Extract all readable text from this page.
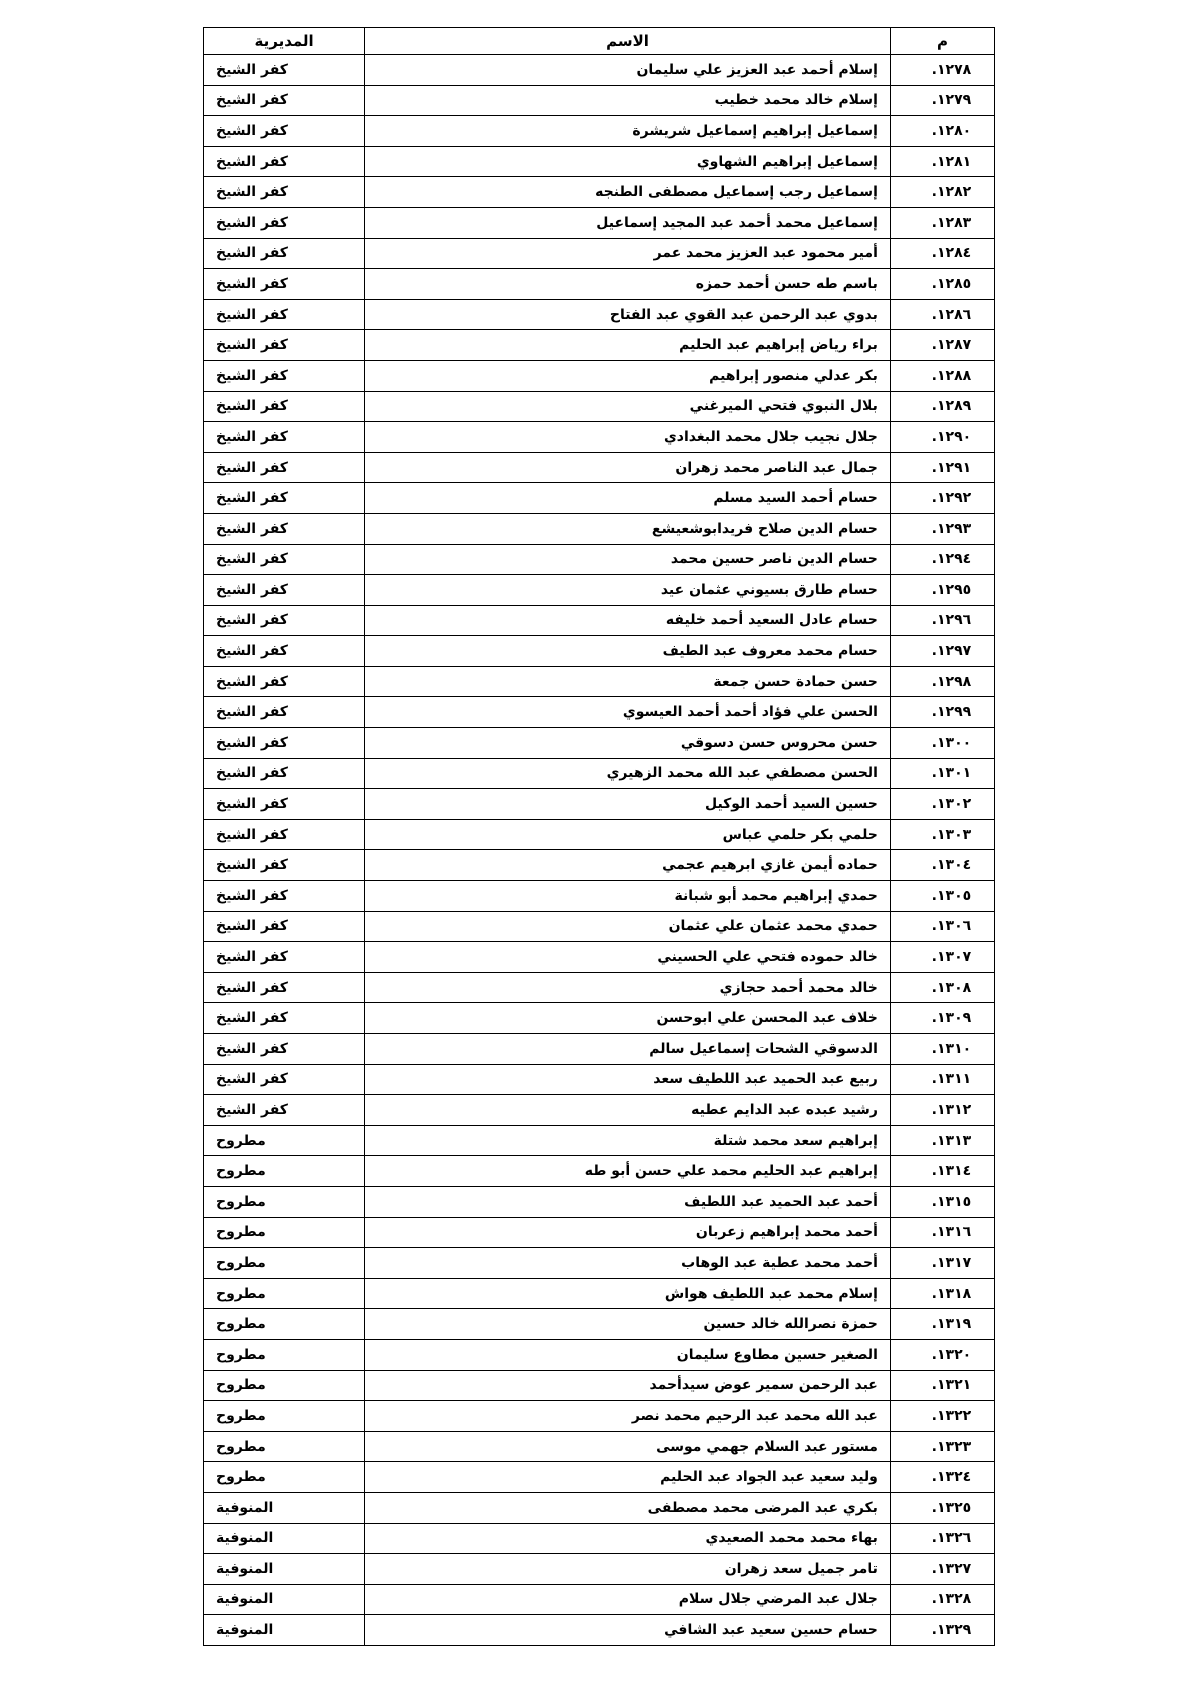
م	الاسم	المديرية
١٢٧٨.	إسلام أحمد عبد العزيز علي سليمان	كفر الشيخ
١٢٧٩.	إسلام خالد محمد خطيب	كفر الشيخ
١٢٨٠.	إسماعيل إبراهيم إسماعيل شريشرة	كفر الشيخ
١٢٨١.	إسماعيل إبراهيم الشهاوي	كفر الشيخ
١٢٨٢.	إسماعيل رجب إسماعيل مصطفى الطنجه	كفر الشيخ
١٢٨٣.	إسماعيل محمد أحمد عبد المجيد إسماعيل	كفر الشيخ
١٢٨٤.	أمير محمود عبد العزيز محمد عمر	كفر الشيخ
١٢٨٥.	باسم طه حسن أحمد حمزه	كفر الشيخ
١٢٨٦.	بدوي عبد الرحمن عبد القوي عبد الفتاح	كفر الشيخ
١٢٨٧.	براء رياض إبراهيم عبد الحليم	كفر الشيخ
١٢٨٨.	بكر عدلي منصور إبراهيم	كفر الشيخ
١٢٨٩.	بلال النبوي فتحي الميرغني	كفر الشيخ
١٢٩٠.	جلال نجيب جلال محمد البغدادي	كفر الشيخ
١٢٩١.	جمال عبد الناصر محمد زهران	كفر الشيخ
١٢٩٢.	حسام أحمد السيد مسلم	كفر الشيخ
١٢٩٣.	حسام الدين صلاح فريدابوشعيشع	كفر الشيخ
١٢٩٤.	حسام الدين ناصر حسين محمد	كفر الشيخ
١٢٩٥.	حسام طارق بسيوني عثمان عيد	كفر الشيخ
١٢٩٦.	حسام عادل السعيد أحمد خليفه	كفر الشيخ
١٢٩٧.	حسام محمد معروف عبد الطيف	كفر الشيخ
١٢٩٨.	حسن حمادة حسن جمعة	كفر الشيخ
١٢٩٩.	الحسن علي فؤاد أحمد أحمد العيسوي	كفر الشيخ
١٣٠٠.	حسن محروس حسن دسوقي	كفر الشيخ
١٣٠١.	الحسن مصطفي عبد الله محمد الزهيري	كفر الشيخ
١٣٠٢.	حسين السيد أحمد الوكيل	كفر الشيخ
١٣٠٣.	حلمي بكر حلمي عباس	كفر الشيخ
١٣٠٤.	حماده أيمن غازي ابرهيم عجمي	كفر الشيخ
١٣٠٥.	حمدي إبراهيم محمد أبو شبانة	كفر الشيخ
١٣٠٦.	حمدي محمد عثمان علي عثمان	كفر الشيخ
١٣٠٧.	خالد حموده فتحي علي الحسيني	كفر الشيخ
١٣٠٨.	خالد محمد أحمد حجازي	كفر الشيخ
١٣٠٩.	خلاف عبد المحسن علي ابوحسن	كفر الشيخ
١٣١٠.	الدسوقي الشحات إسماعيل سالم	كفر الشيخ
١٣١١.	ربيع عبد الحميد عبد اللطيف سعد	كفر الشيخ
١٣١٢.	رشيد عبده عبد الدايم عطيه	كفر الشيخ
١٣١٣.	إبراهيم سعد محمد شتلة	مطروح
١٣١٤.	إبراهيم عبد الحليم محمد علي حسن أبو طه	مطروح
١٣١٥.	أحمد عبد الحميد عبد اللطيف	مطروح
١٣١٦.	أحمد محمد إبراهيم زعربان	مطروح
١٣١٧.	أحمد محمد عطية عبد الوهاب	مطروح
١٣١٨.	إسلام محمد عبد اللطيف هواش	مطروح
١٣١٩.	حمزة نصرالله خالد حسين	مطروح
١٣٢٠.	الصغير حسين مطاوع سليمان	مطروح
١٣٢١.	عبد الرحمن سمير عوض سيدأحمد	مطروح
١٣٢٢.	عبد الله محمد عبد الرحيم محمد نصر	مطروح
١٣٢٣.	مستور عبد السلام جهمي موسى	مطروح
١٣٢٤.	وليد سعيد عبد الجواد عبد الحليم	مطروح
١٣٢٥.	بكري عبد المرضى محمد مصطفى	المنوفية
١٣٢٦.	بهاء محمد محمد الصعيدي	المنوفية
١٣٢٧.	تامر جميل سعد زهران	المنوفية
١٣٢٨.	جلال عبد المرضي جلال سلام	المنوفية
١٣٢٩.	حسام حسين سعيد عبد الشافي	المنوفية
